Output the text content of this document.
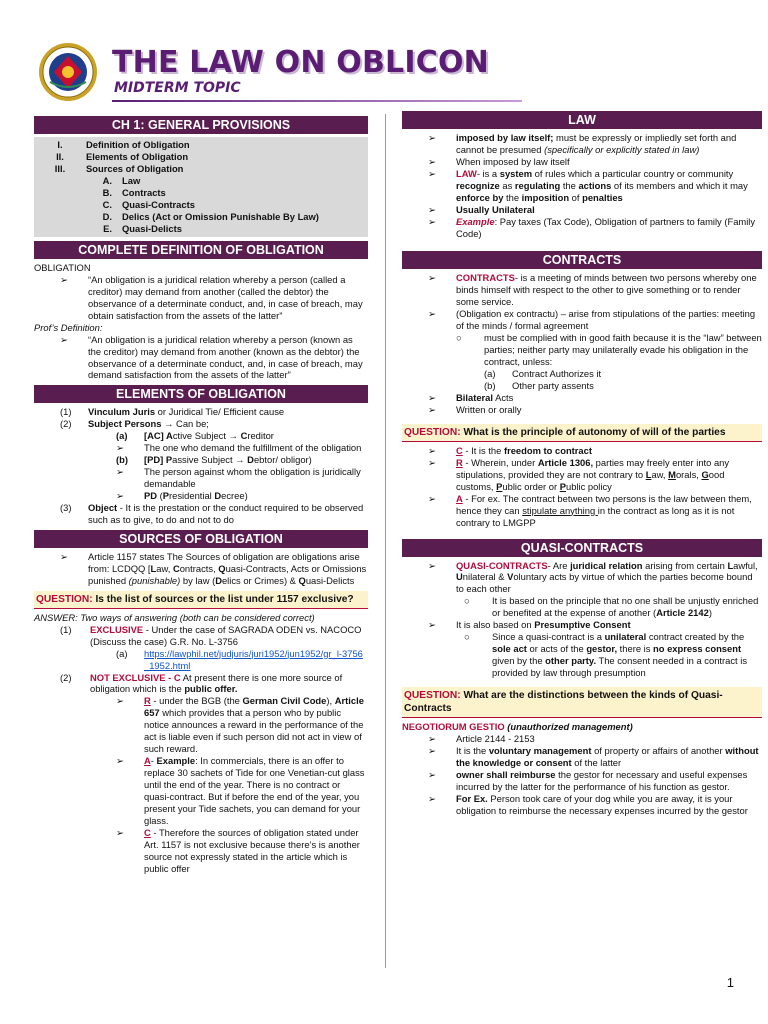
THE LAW ON OBLICON
MIDTERM TOPIC
CH 1: GENERAL PROVISIONS
I.	Definition of Obligation
II.	Elements of Obligation
III.	Sources of Obligation
A.	Law
B.	Contracts
C.	Quasi-Contracts
D.	Delics (Act or Omission Punishable By Law)
E.	Quasi-Delicts
COMPLETE DEFINITION OF OBLIGATION
OBLIGATION
➢	“An obligation is a juridical relation whereby a person (called a creditor) may demand from another (called the debtor) the observance of a determinate conduct, and, in case of breach, may obtain satisfaction from the assets of the latter”
Prof’s Definition:
➢	“An obligation is a juridical relation whereby a person (known as the creditor) may demand from another (known as the debtor) the observance of a determinate conduct, and, in case of breach, may demand satisfaction from the assets of the latter”
ELEMENTS OF OBLIGATION
(1)	Vinculum Juris or Juridical Tie/ Efficient cause
(2)	Subject Persons → Can be;
(a)	[AC] Active Subject → Creditor
➢	The one who demand the fulfillment of the obligation
(b)	[PD] Passive Subject → Debtor/ obligor)
➢	The person against whom the obligation is juridically demandable
➢	PD (Presidential Decree)
(3)	Object - It is the prestation or the conduct required to be observed such as to give, to do and not to do
SOURCES OF OBLIGATION
➢	Article 1157 states The Sources of obligation are obligations arise from: LCDQQ [Law, Contracts, Quasi-Contracts, Acts or Omissions punished (punishable) by law (Delics or Crimes) & Quasi-Delicts
QUESTION: Is the list of sources or the list under 1157 exclusive?
ANSWER: Two ways of answering (both can be considered correct)
(1)	EXCLUSIVE - Under the case of SAGRADA ODEN vs. NACOCO (Discuss the case) G.R. No. L-3756
(a)	https://lawphil.net/judjuris/juri1952/jun1952/gr_l-3756_1952.html
(2)	NOT EXCLUSIVE - C At present there is one more source of obligation which is the public offer.
➢	R - under the BGB (the German Civil Code), Article 657 which provides that a person who by public notice announces a reward in the performance of the act is liable even if such person did not act in view of such reward.
➢	A- Example: In commercials, there is an offer to replace 30 sachets of Tide for one Venetian-cut glass until the end of the year. There is no contract or quasi-contract. But if before the end of the year, you present your Tide sachets, you can demand for your glass.
➢	C - Therefore the sources of obligation stated under Art. 1157 is not exclusive because there’s is another source not expressly stated in the article which is public offer
LAW
➢	imposed by law itself; must be expressly or impliedly set forth and cannot be presumed (specifically or explicitly stated in law)
➢	When imposed by law itself
➢	LAW- is a system of rules which a particular country or community recognize as regulating the actions of its members and which it may enforce by the imposition of penalties
➢	Usually Unilateral
➢	Example: Pay taxes (Tax Code), Obligation of partners to family (Family Code)
CONTRACTS
➢	CONTRACTS- is a meeting of minds between two persons whereby one binds himself with respect to the other to give something or to render some service.
➢	(Obligation ex contractu) – arise from stipulations of the parties: meeting of the minds / formal agreement
○	must be complied with in good faith because it is the “law” between parties; neither party may unilaterally evade his obligation in the contract, unless:
(a)	Contract Authorizes it
(b)	Other party assents
➢	Bilateral Acts
➢	Written or orally
QUESTION: What is the principle of autonomy of will of the parties
➢	C - It is the freedom to contract
➢	R - Wherein, under Article 1306, parties may freely enter into any stipulations, provided they are not contrary to Law, Morals, Good customs, Public order or Public policy
➢	A - For ex. The contract between two persons is the law between them, hence they can stipulate anything in the contract as long as it is not contrary to LMGPP
QUASI-CONTRACTS
➢	QUASI-CONTRACTS- Are juridical relation arising from certain Lawful, Unilateral & Voluntary acts by virtue of which the parties become bound to each other
○	It is based on the principle that no one shall be unjustly enriched or benefited at the expense of another (Article 2142)
➢	It is also based on Presumptive Consent
○	Since a quasi-contract is a unilateral contract created by the sole act or acts of the gestor, there is no express consent given by the other party. The consent needed in a contract is provided by law through presumption
QUESTION: What are the distinctions between the kinds of Quasi-Contracts
NEGOTIORUM GESTIO (unauthorized management)
➢	Article 2144 - 2153
➢	It is the voluntary management of property or affairs of another without the knowledge or consent of the latter
➢	owner shall reimburse the gestor for necessary and useful expenses incurred by the latter for the performance of his function as gestor.
➢	For Ex. Person took care of your dog while you are away, it is your obligation to reimburse the necessary expenses incurred by the gestor
1
